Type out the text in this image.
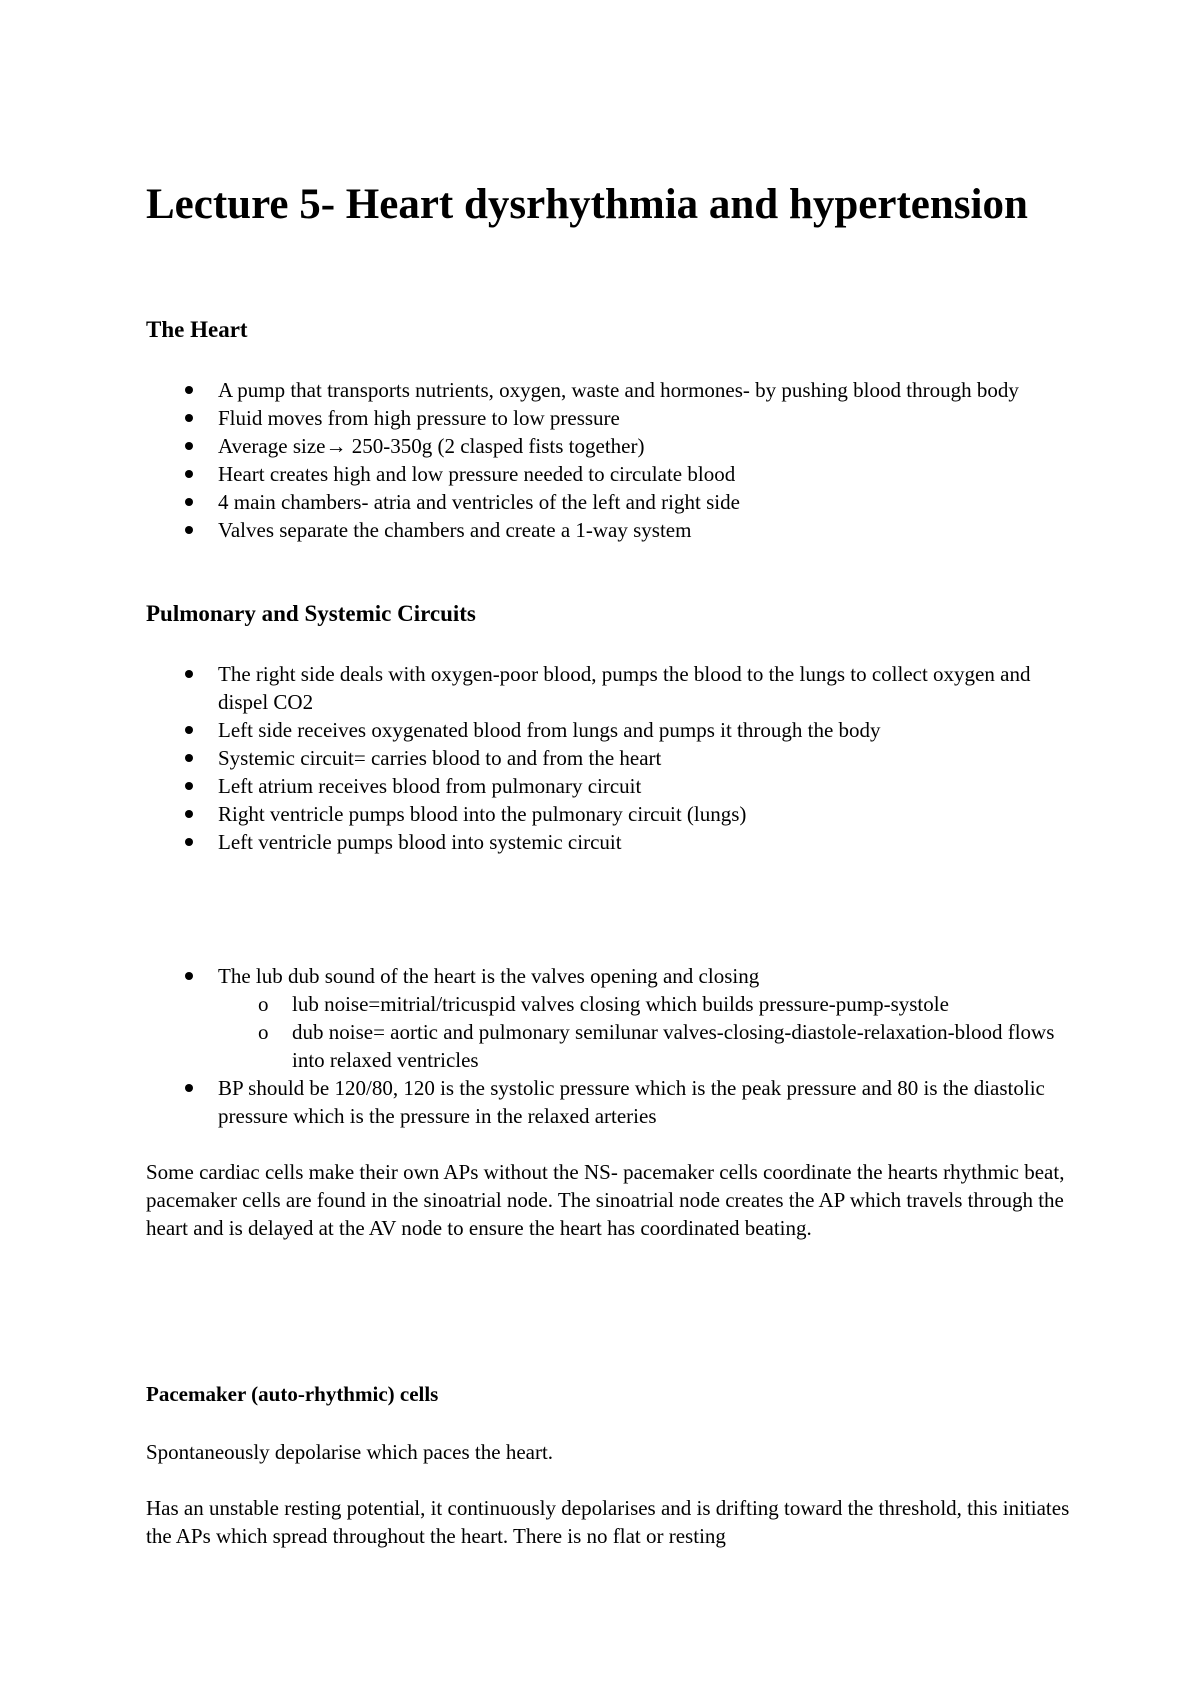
Lecture 5- Heart dysrhythmia and hypertension
The Heart
A pump that transports nutrients, oxygen, waste and hormones- by pushing blood through body
Fluid moves from high pressure to low pressure
Average size→ 250-350g (2 clasped fists together)
Heart creates high and low pressure needed to circulate blood
4 main chambers- atria and ventricles of the left and right side
Valves separate the chambers and create a 1-way system
Pulmonary and Systemic Circuits
The right side deals with oxygen-poor blood, pumps the blood to the lungs to collect oxygen and dispel CO2
Left side receives oxygenated blood from lungs and pumps it through the body
Systemic circuit= carries blood to and from the heart
Left atrium receives blood from pulmonary circuit
Right ventricle pumps blood into the pulmonary circuit (lungs)
Left ventricle pumps blood into systemic circuit
The lub dub sound of the heart is the valves opening and closing
o lub noise=mitrial/tricuspid valves closing which builds pressure-pump-systole
o dub noise= aortic and pulmonary semilunar valves-closing-diastole-relaxation-blood flows into relaxed ventricles
BP should be 120/80, 120 is the systolic pressure which is the peak pressure and 80 is the diastolic pressure which is the pressure in the relaxed arteries

Some cardiac cells make their own APs without the NS- pacemaker cells coordinate the hearts rhythmic beat, pacemaker cells are found in the sinoatrial node. The sinoatrial node creates the AP which travels through the heart and is delayed at the AV node to ensure the heart has coordinated beating.

Pacemaker (auto-rhythmic) cells

Spontaneously depolarise which paces the heart.

Has an unstable resting potential, it continuously depolarises and is drifting toward the threshold, this initiates the APs which spread throughout the heart. There is no flat or resting
